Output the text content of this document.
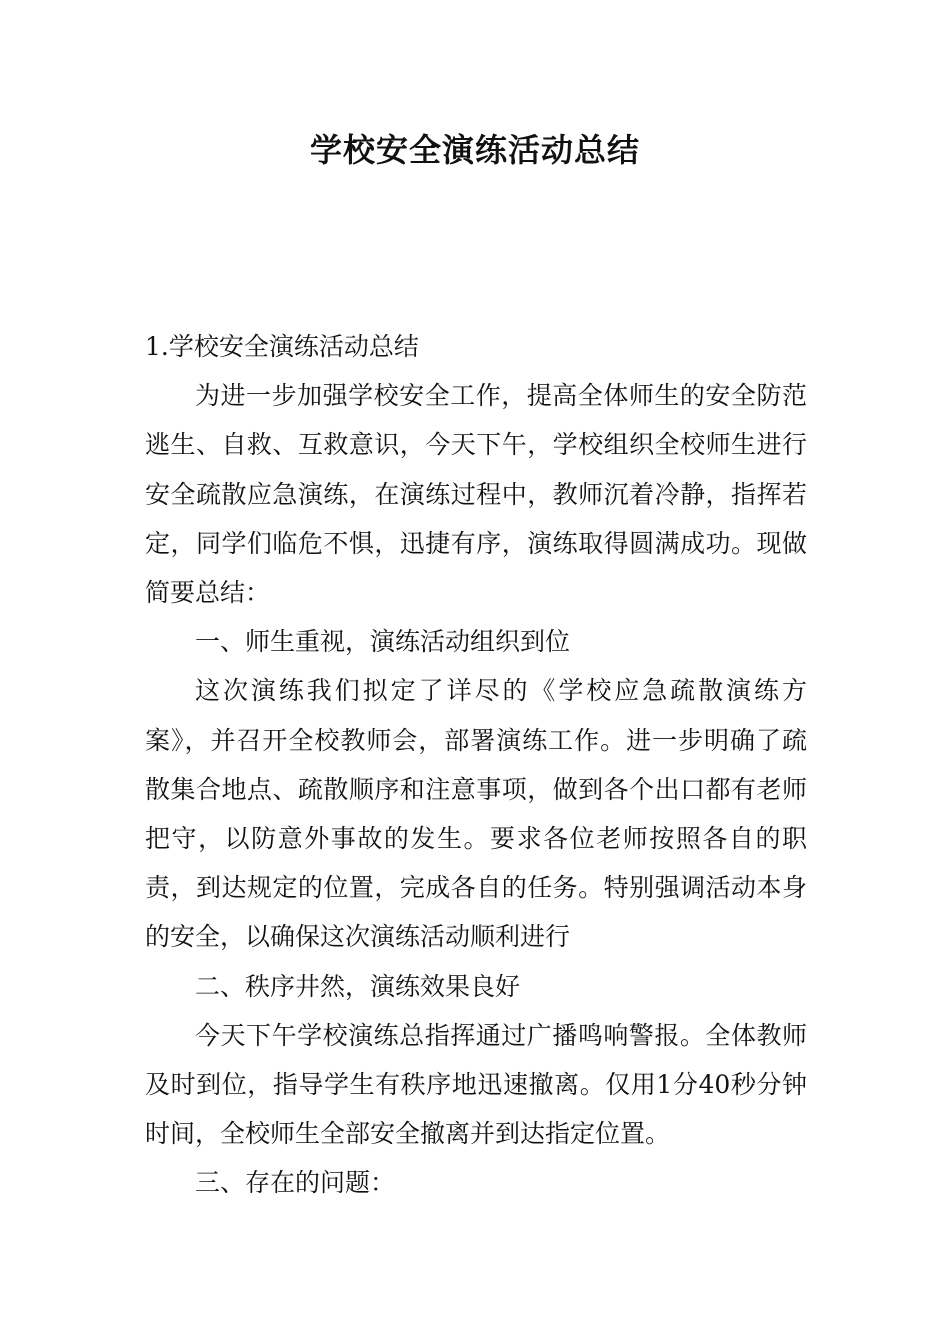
学校安全演练活动总结

1.学校安全演练活动总结

为进一步加强学校安全工作，提高全体师生的安全防范逃生、自救、互救意识，今天下午，学校组织全校师生进行安全疏散应急演练，在演练过程中，教师沉着冷静，指挥若定，同学们临危不惧，迅捷有序，演练取得圆满成功。现做简要总结：

一、师生重视，演练活动组织到位

这次演练我们拟定了详尽的《学校应急疏散演练方案》，并召开全校教师会，部署演练工作。进一步明确了疏散集合地点、疏散顺序和注意事项，做到各个出口都有老师把守，以防意外事故的发生。要求各位老师按照各自的职责，到达规定的位置，完成各自的任务。特别强调活动本身的安全，以确保这次演练活动顺利进行

二、秩序井然，演练效果良好

今天下午学校演练总指挥通过广播鸣响警报。全体教师及时到位，指导学生有秩序地迅速撤离。仅用1分40秒分钟时间，全校师生全部安全撤离并到达指定位置。

三、存在的问题：
